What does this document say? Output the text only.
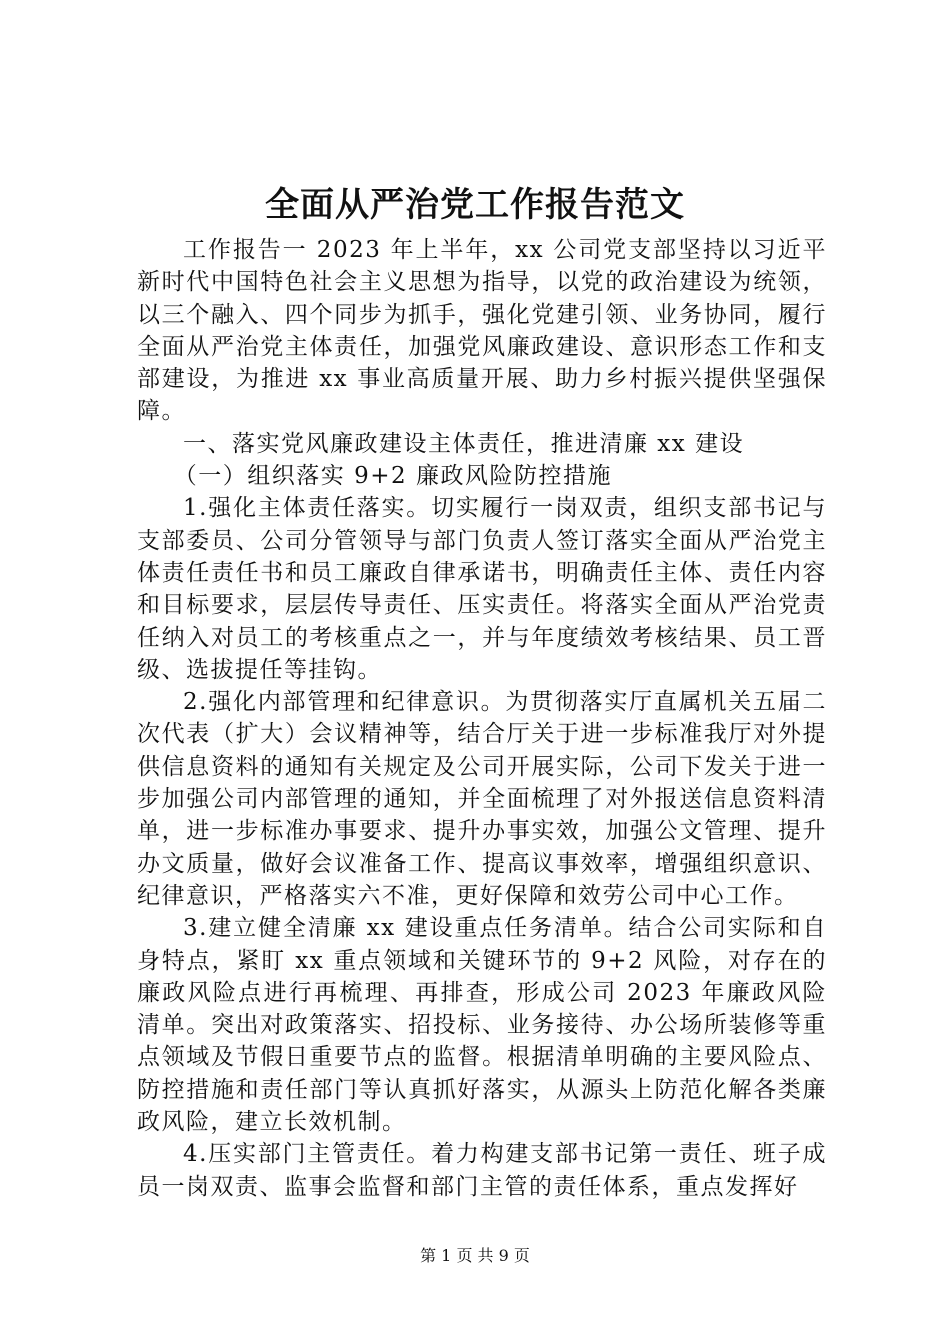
全面从严治党工作报告范文

工作报告一 2023 年上半年，xx 公司党支部坚持以习近平新时代中国特色社会主义思想为指导，以党的政治建设为统领，以三个融入、四个同步为抓手，强化党建引领、业务协同，履行全面从严治党主体责任，加强党风廉政建设、意识形态工作和支部建设，为推进 xx 事业高质量开展、助力乡村振兴提供坚强保障。

一、落实党风廉政建设主体责任，推进清廉 xx 建设

（一）组织落实 9+2 廉政风险防控措施

1.强化主体责任落实。切实履行一岗双责，组织支部书记与支部委员、公司分管领导与部门负责人签订落实全面从严治党主体责任责任书和员工廉政自律承诺书，明确责任主体、责任内容和目标要求，层层传导责任、压实责任。将落实全面从严治党责任纳入对员工的考核重点之一，并与年度绩效考核结果、员工晋级、选拔提任等挂钩。

2.强化内部管理和纪律意识。为贯彻落实厅直属机关五届二次代表（扩大）会议精神等，结合厅关于进一步标准我厅对外提供信息资料的通知有关规定及公司开展实际，公司下发关于进一步加强公司内部管理的通知，并全面梳理了对外报送信息资料清单，进一步标准办事要求、提升办事实效，加强公文管理、提升办文质量，做好会议准备工作、提高议事效率，增强组织意识、纪律意识，严格落实六不准，更好保障和效劳公司中心工作。

3.建立健全清廉 xx 建设重点任务清单。结合公司实际和自身特点，紧盯 xx 重点领域和关键环节的 9+2 风险，对存在的廉政风险点进行再梳理、再排查，形成公司 2023 年廉政风险清单。突出对政策落实、招投标、业务接待、办公场所装修等重点领域及节假日重要节点的监督。根据清单明确的主要风险点、防控措施和责任部门等认真抓好落实，从源头上防范化解各类廉政风险，建立长效机制。

4.压实部门主管责任。着力构建支部书记第一责任、班子成员一岗双责、监事会监督和部门主管的责任体系，重点发挥好

第 1 页 共 9 页
